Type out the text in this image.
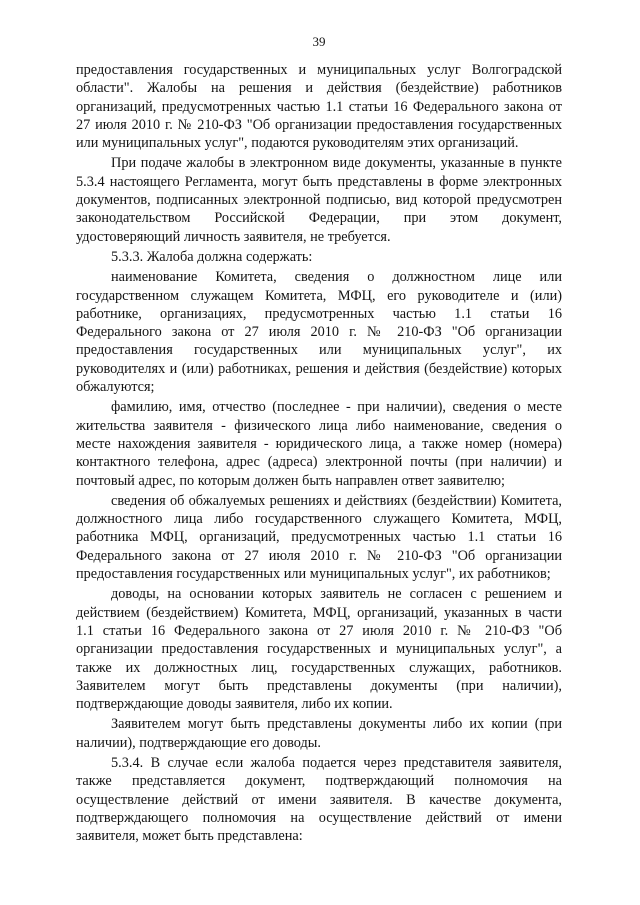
39

предоставления государственных и муниципальных услуг Волгоградской области". Жалобы на решения и действия (бездействие) работников организаций, предусмотренных частью 1.1 статьи 16 Федерального закона от 27 июля 2010 г. № 210-ФЗ "Об организации предоставления государственных или муниципальных услуг", подаются руководителям этих организаций.

При подаче жалобы в электронном виде документы, указанные в пункте 5.3.4 настоящего Регламента, могут быть представлены в форме электронных документов, подписанных электронной подписью, вид которой предусмотрен законодательством Российской Федерации, при этом документ, удостоверяющий личность заявителя, не требуется.

5.3.3. Жалоба должна содержать:

наименование Комитета, сведения о должностном лице или государственном служащем Комитета, МФЦ, его руководителе и (или) работнике, организациях, предусмотренных частью 1.1 статьи 16 Федерального закона от 27 июля 2010 г. № 210-ФЗ "Об организации предоставления государственных или муниципальных услуг", их руководителях и (или) работниках, решения и действия (бездействие) которых обжалуются;

фамилию, имя, отчество (последнее - при наличии), сведения о месте жительства заявителя - физического лица либо наименование, сведения о месте нахождения заявителя - юридического лица, а также номер (номера) контактного телефона, адрес (адреса) электронной почты (при наличии) и почтовый адрес, по которым должен быть направлен ответ заявителю;

сведения об обжалуемых решениях и действиях (бездействии) Комитета, должностного лица либо государственного служащего Комитета, МФЦ, работника МФЦ, организаций, предусмотренных частью 1.1 статьи 16 Федерального закона от 27 июля 2010 г. № 210-ФЗ "Об организации предоставления государственных или муниципальных услуг", их работников;

доводы, на основании которых заявитель не согласен с решением и действием (бездействием) Комитета, МФЦ, организаций, указанных в части 1.1 статьи 16 Федерального закона от 27 июля 2010 г. № 210-ФЗ "Об организации предоставления государственных и муниципальных услуг", а также их должностных лиц, государственных служащих, работников. Заявителем могут быть представлены документы (при наличии), подтверждающие доводы заявителя, либо их копии.

Заявителем могут быть представлены документы либо их копии (при наличии), подтверждающие его доводы.

5.3.4. В случае если жалоба подается через представителя заявителя, также представляется документ, подтверждающий полномочия на осуществление действий от имени заявителя. В качестве документа, подтверждающего полномочия на осуществление действий от имени заявителя, может быть представлена:
